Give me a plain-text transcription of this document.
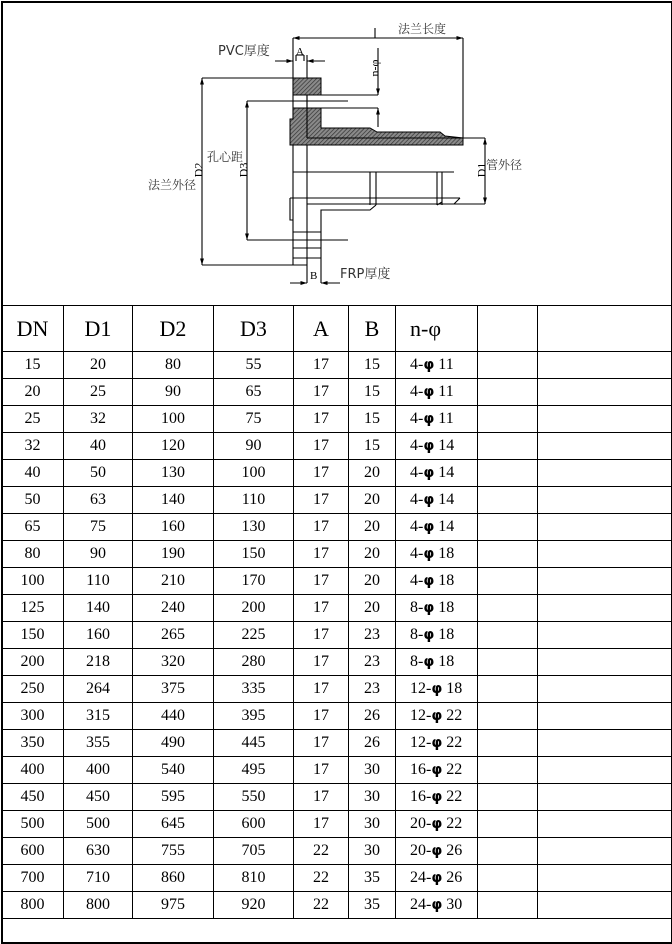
法兰长度
PVC厚度 A
n-φ
孔心距
D3
法兰外径
D2	D1
管外径
B FRP厚度
DN	D1	D2	D3	A	B	n-φ		
15	20	80	55	17	15	4-φ 11		
20	25	90	65	17	15	4-φ 11		
25	32	100	75	17	15	4-φ 11		
32	40	120	90	17	15	4-φ 14		
40	50	130	100	17	20	4-φ 14		
50	63	140	110	17	20	4-φ 14		
65	75	160	130	17	20	4-φ 14		
80	90	190	150	17	20	4-φ 18		
100	110	210	170	17	20	4-φ 18		
125	140	240	200	17	20	8-φ 18		
150	160	265	225	17	23	8-φ 18		
200	218	320	280	17	23	8-φ 18		
250	264	375	335	17	23	12-φ 18		
300	315	440	395	17	26	12-φ 22		
350	355	490	445	17	26	12-φ 22		
400	400	540	495	17	30	16-φ 22		
450	450	595	550	17	30	16-φ 22		
500	500	645	600	17	30	20-φ 22		
600	630	755	705	22	30	20-φ 26		
700	710	860	810	22	35	24-φ 26		
800	800	975	920	22	35	24-φ 30		
